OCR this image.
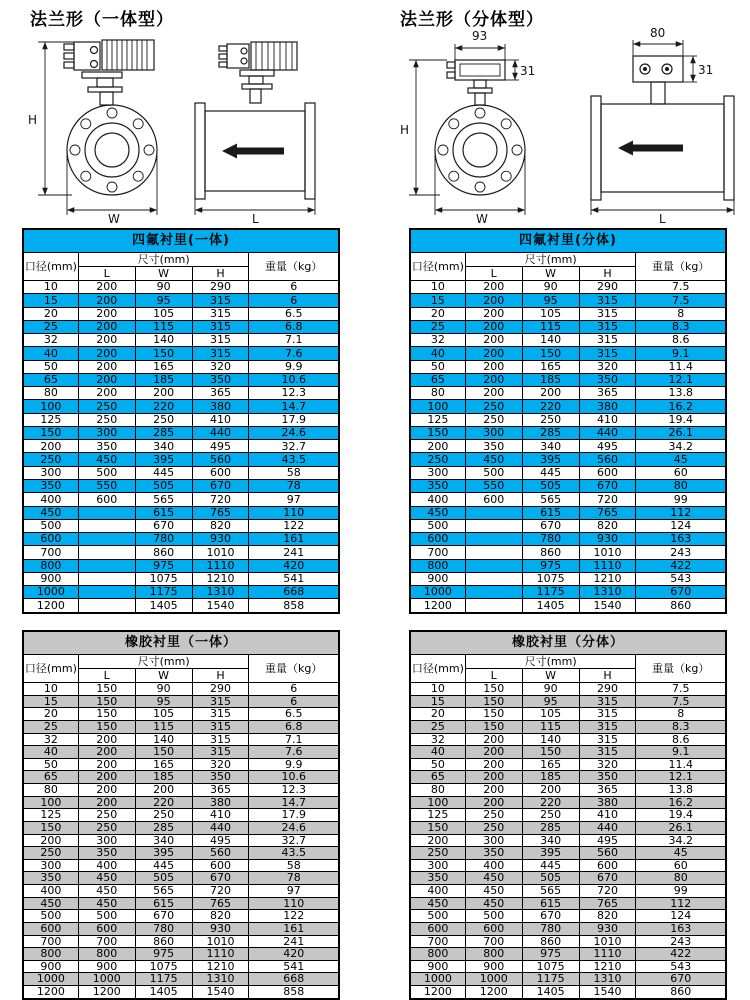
法兰形（一体型）	法兰形（分体型）
H
W	L
93
31
H
W
80
31
L
四氟衬里(一体)				
口径(mm)	尺寸(mm)			重量（kg）
	L	W	H	
10	200	90	290	6
15	200	95	315	6
20	200	105	315	6.5
25	200	115	315	6.8
32	200	140	315	7.1
40	200	150	315	7.6
50	200	165	320	9.9
65	200	185	350	10.6
80	200	200	365	12.3
100	250	220	380	14.7
125	250	250	410	17.9
150	300	285	440	24.6
200	350	340	495	32.7
250	450	395	560	43.5
300	500	445	600	58
350	550	505	670	78
400	600	565	720	97
450		615	765	110
500		670	820	122
600		780	930	161
700		860	1010	241
800		975	1110	420
900		1075	1210	541
1000		1175	1310	668
1200		1405	1540	858
四氟衬里(分体)				
口径(mm)	尺寸(mm)			重量（kg）
	L	W	H	
10	200	90	290	7.5
15	200	95	315	7.5
20	200	105	315	8
25	200	115	315	8.3
32	200	140	315	8.6
40	200	150	315	9.1
50	200	165	320	11.4
65	200	185	350	12.1
80	200	200	365	13.8
100	250	220	380	16.2
125	250	250	410	19.4
150	300	285	440	26.1
200	350	340	495	34.2
250	450	395	560	45
300	500	445	600	60
350	550	505	670	80
400	600	565	720	99
450		615	765	112
500		670	820	124
600		780	930	163
700		860	1010	243
800		975	1110	422
900		1075	1210	543
1000		1175	1310	670
1200		1405	1540	860
橡胶衬里（一体）				
口径(mm)	尺寸(mm)			重量（kg）
	L	W	H	
10	150	90	290	6
15	150	95	315	6
20	150	105	315	6.5
25	150	115	315	6.8
32	200	140	315	7.1
40	200	150	315	7.6
50	200	165	320	9.9
65	200	185	350	10.6
80	200	200	365	12.3
100	200	220	380	14.7
125	250	250	410	17.9
150	250	285	440	24.6
200	300	340	495	32.7
250	350	395	560	43.5
300	400	445	600	58
350	450	505	670	78
400	450	565	720	97
450	450	615	765	110
500	500	670	820	122
600	600	780	930	161
700	700	860	1010	241
800	800	975	1110	420
900	900	1075	1210	541
1000	1000	1175	1310	668
1200	1200	1405	1540	858
橡胶衬里（分体）				
口径(mm)	尺寸(mm)			重量（kg）
	L	W	H	
10	150	90	290	7.5
15	150	95	315	7.5
20	150	105	315	8
25	150	115	315	8.3
32	200	140	315	8.6
40	200	150	315	9.1
50	200	165	320	11.4
65	200	185	350	12.1
80	200	200	365	13.8
100	200	220	380	16.2
125	250	250	410	19.4
150	250	285	440	26.1
200	300	340	495	34.2
250	350	395	560	45
300	400	445	600	60
350	450	505	670	80
400	450	565	720	99
450	450	615	765	112
500	500	670	820	124
600	600	780	930	163
700	700	860	1010	243
800	800	975	1110	422
900	900	1075	1210	543
1000	1000	1175	1310	670
1200	1200	1405	1540	860
